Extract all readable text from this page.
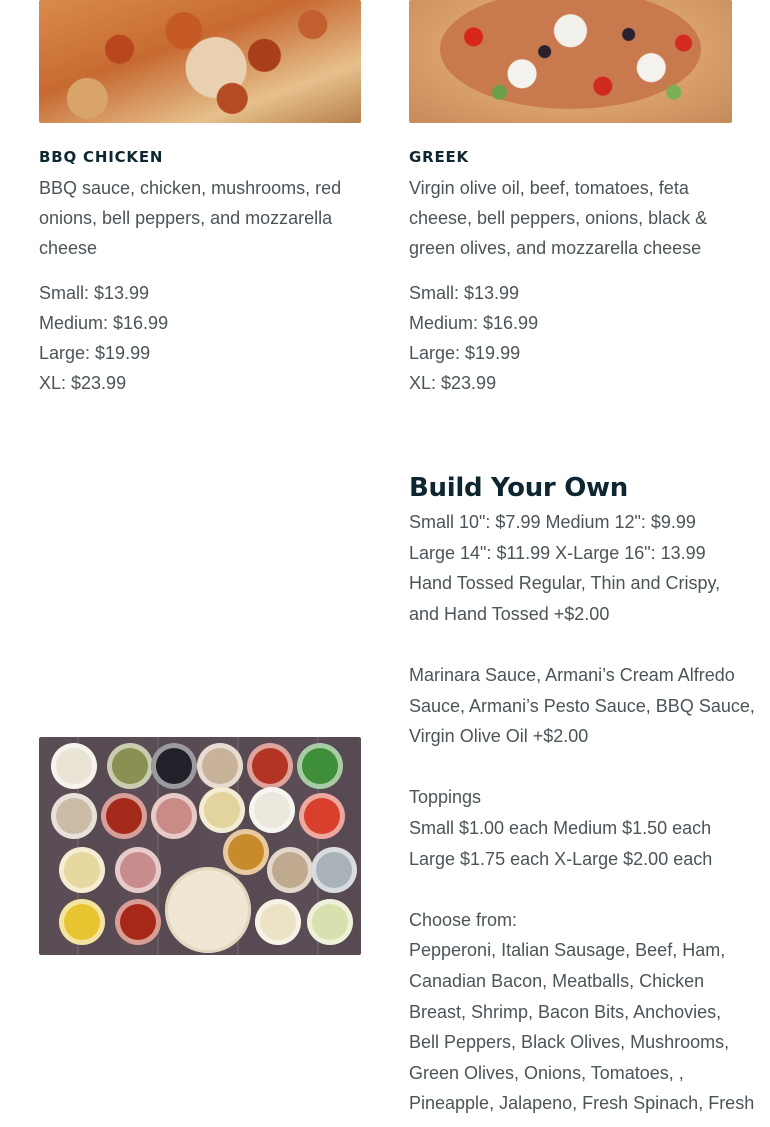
BBQ CHICKEN
BBQ sauce, chicken, mushrooms, red
onions, bell peppers, and mozzarella
cheese
Small: $13.99
Medium: $16.99
Large: $19.99
XL: $23.99
GREEK
Virgin olive oil, beef, tomatoes, feta
cheese, bell peppers, onions, black &
green olives, and mozzarella cheese
Small: $13.99
Medium: $16.99
Large: $19.99
XL: $23.99
Build Your Own
Small 10": $7.99 Medium 12": $9.99
Large 14": $11.99 X-Large 16": 13.99
Hand Tossed Regular, Thin and Crispy,
and Hand Tossed +$2.00
Marinara Sauce, Armani’s Cream Alfredo
Sauce, Armani’s Pesto Sauce, BBQ Sauce,
Virgin Olive Oil +$2.00
Toppings
Small $1.00 each Medium $1.50 each
Large $1.75 each X-Large $2.00 each
Choose from:
Pepperoni, Italian Sausage, Beef, Ham,
Canadian Bacon, Meatballs, Chicken
Breast, Shrimp, Bacon Bits, Anchovies,
Bell Peppers, Black Olives, Mushrooms,
Green Olives, Onions, Tomatoes, ,
Pineapple, Jalapeno, Fresh Spinach, Fresh
